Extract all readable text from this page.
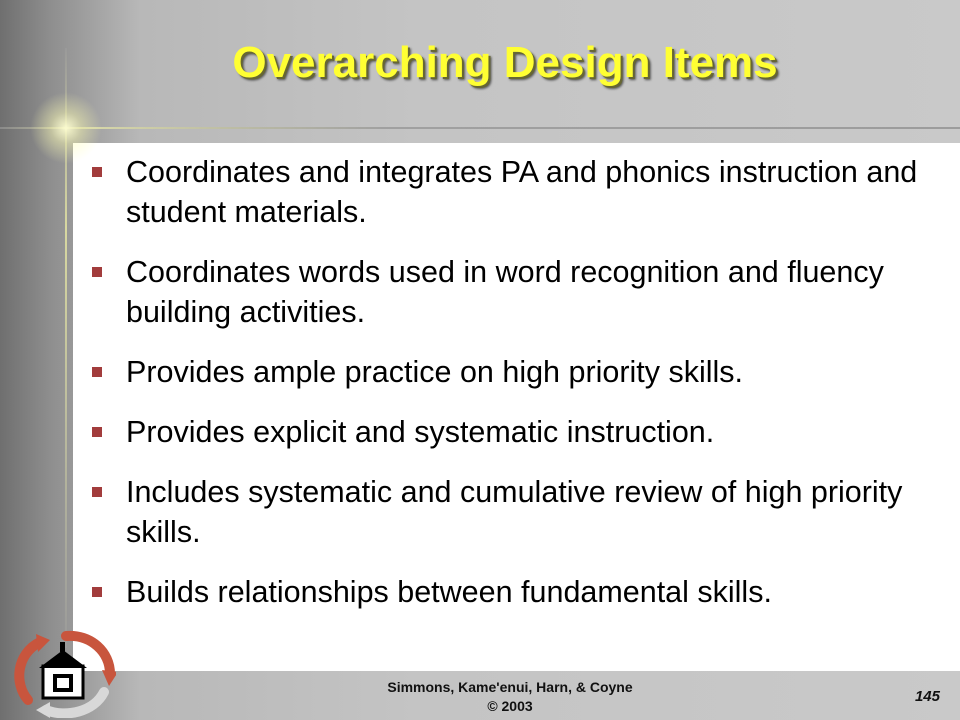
Overarching Design Items
Coordinates and integrates PA and phonics instruction and student materials.
Coordinates words used in word recognition and fluency building activities.
Provides ample practice on high priority skills.
Provides explicit and systematic instruction.
Includes systematic and cumulative review of high priority skills.
Builds relationships between fundamental skills.
Simmons, Kame'enui, Harn, & Coyne
© 2003
145
